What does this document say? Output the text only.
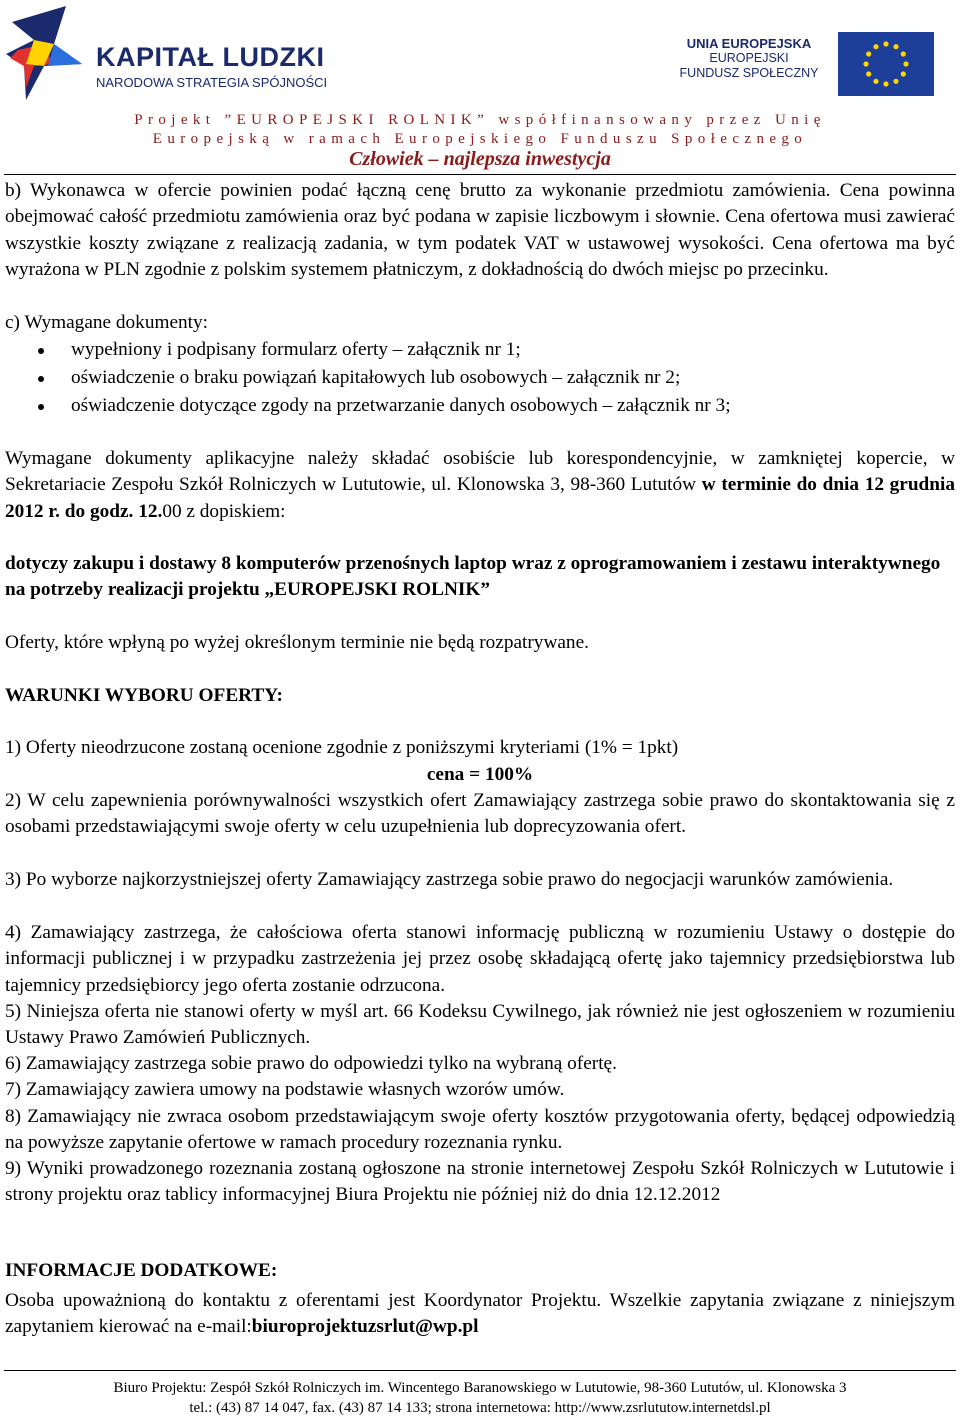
KAPITAŁ LUDZKI
NARODOWA STRATEGIA SPÓJNOŚCI
UNIA EUROPEJSKA
EUROPEJSKI
FUNDUSZ SPOŁECZNY
Projekt ”EUROPEJSKI ROLNIK” współfinansowany przez Unię
Europejską w ramach Europejskiego Funduszu Społecznego
Człowiek – najlepsza inwestycja

b) Wykonawca w ofercie powinien podać łączną cenę brutto za wykonanie przedmiotu zamówienia. Cena powinna obejmować całość przedmiotu zamówienia oraz być podana w zapisie liczbowym i słownie. Cena ofertowa musi zawierać wszystkie koszty związane z realizacją zadania, w tym podatek VAT w ustawowej wysokości. Cena ofertowa ma być wyrażona w PLN zgodnie z polskim systemem płatniczym, z dokładnością do dwóch miejsc po przecinku.

c) Wymagane dokumenty:

wypełniony i podpisany formularz oferty – załącznik nr 1;
oświadczenie o braku powiązań kapitałowych lub osobowych – załącznik nr 2;
oświadczenie dotyczące zgody na przetwarzanie danych osobowych – załącznik nr 3;

Wymagane dokumenty aplikacyjne należy składać osobiście lub korespondencyjnie, w zamkniętej kopercie, w Sekretariacie Zespołu Szkół Rolniczych w Lututowie, ul. Klonowska 3, 98-360 Lututów w terminie do dnia 12 grudnia 2012 r. do godz. 12.00 z dopiskiem:

dotyczy zakupu i dostawy 8 komputerów przenośnych laptop wraz z oprogramowaniem i zestawu interaktywnego na potrzeby realizacji projektu „EUROPEJSKI ROLNIK”

Oferty, które wpłyną po wyżej określonym terminie nie będą rozpatrywane.

WARUNKI WYBORU OFERTY:

1) Oferty nieodrzucone zostaną ocenione zgodnie z poniższymi kryteriami (1% = 1pkt)

cena = 100%

2) W celu zapewnienia porównywalności wszystkich ofert Zamawiający zastrzega sobie prawo do skontaktowania się z osobami przedstawiającymi swoje oferty w celu uzupełnienia lub doprecyzowania ofert.

3) Po wyborze najkorzystniejszej oferty Zamawiający zastrzega sobie prawo do negocjacji warunków zamówienia.

4) Zamawiający zastrzega, że całościowa oferta stanowi informację publiczną w rozumieniu Ustawy o dostępie do informacji publicznej i w przypadku zastrzeżenia jej przez osobę składającą ofertę jako tajemnicy przedsiębiorstwa lub tajemnicy przedsiębiorcy jego oferta zostanie odrzucona.

5) Niniejsza oferta nie stanowi oferty w myśl art. 66 Kodeksu Cywilnego, jak również nie jest ogłoszeniem w rozumieniu Ustawy Prawo Zamówień Publicznych.

6) Zamawiający zastrzega sobie prawo do odpowiedzi tylko na wybraną ofertę.

7) Zamawiający zawiera umowy na podstawie własnych wzorów umów.

8) Zamawiający nie zwraca osobom przedstawiającym swoje oferty kosztów przygotowania oferty, będącej odpowiedzią na powyższe zapytanie ofertowe w ramach procedury rozeznania rynku.

9) Wyniki prowadzonego rozeznania zostaną ogłoszone na stronie internetowej Zespołu Szkół Rolniczych w Lututowie i strony projektu oraz tablicy informacyjnej Biura Projektu nie później niż do dnia 12.12.2012

INFORMACJE DODATKOWE:

Osoba upoważnioną do kontaktu z oferentami jest Koordynator Projektu. Wszelkie zapytania związane z niniejszym zapytaniem kierować na e-mail:biuroprojektuzsrlut@wp.pl

Biuro Projektu: Zespół Szkół Rolniczych im. Wincentego Baranowskiego w Lututowie, 98-360 Lututów, ul. Klonowska 3
tel.: (43) 87 14 047, fax. (43) 87 14 133; strona internetowa: http://www.zsrlututow.internetdsl.pl
